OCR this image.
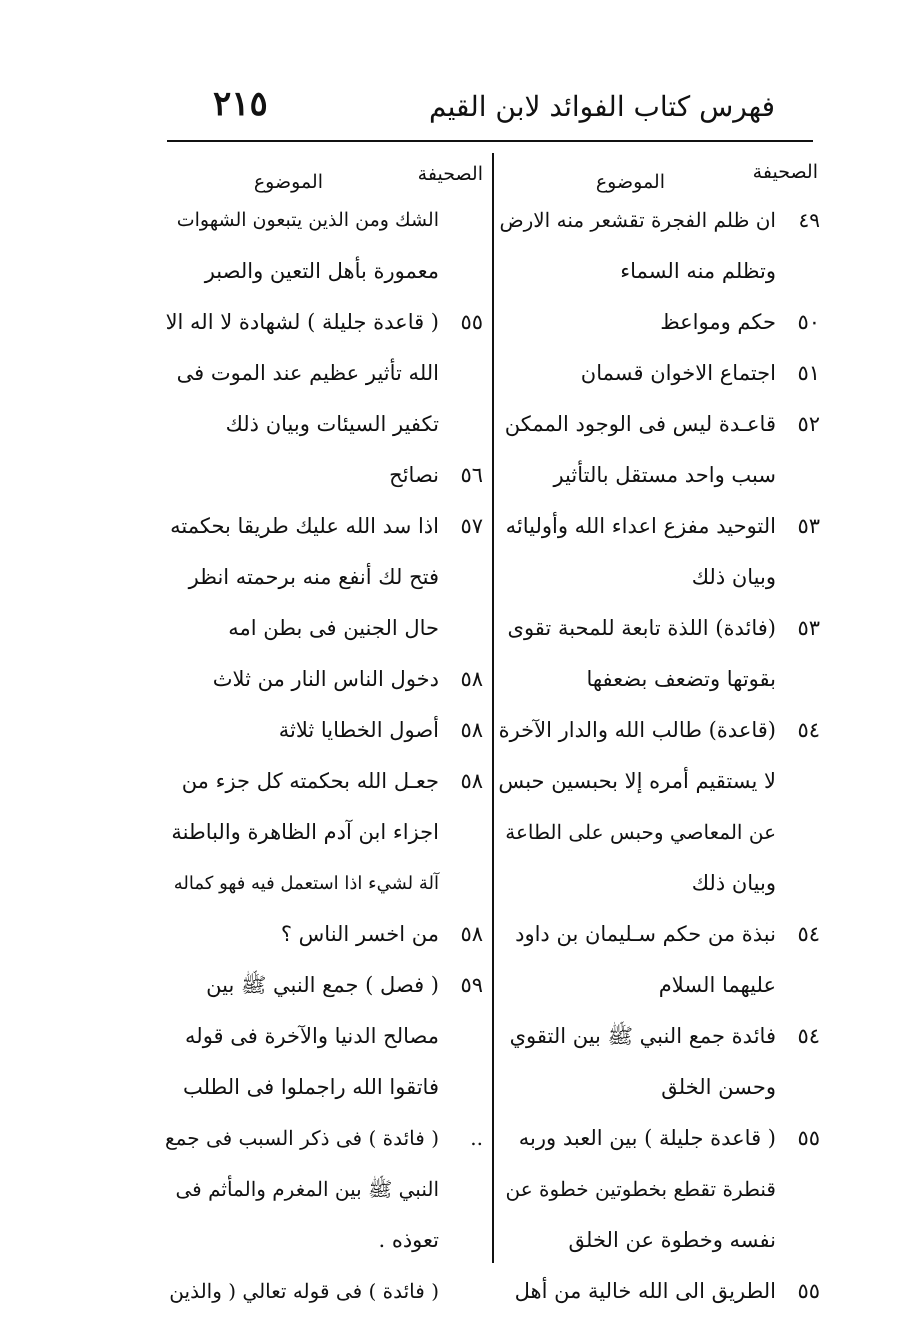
فهرس كتاب الفوائد لابن القيم
٢١٥
الصحيفة
الموضوع
٤٩ان ظلم الفجرة تقشعر منه الارض
وتظلم منه السماء
٥٠حكم ومواعظ
٥١اجتماع الاخوان قسمان
٥٢قاعـدة ليس فى الوجود الممكن
سبب واحد مستقل بالتأثير
٥٣التوحيد مفزع اعداء الله وأوليائه
وبيان ذلك
٥٣(فائدة) اللذة تابعة للمحبة تقوى
بقوتها وتضعف بضعفها
٥٤(قاعدة) طالب الله والدار الآخرة
لا يستقيم أمره إلا بحبسين حبس
عن المعاصي وحبس على الطاعة
وبيان ذلك
٥٤نبذة من حكم سـليمان بن داود
عليهما السلام
٥٤فائدة جمع النبي ﷺ بين التقوي
وحسن الخلق
٥٥( قاعدة جليلة ) بين العبد وربه
قنطرة تقطع بخطوتين خطوة عن
نفسه وخطوة عن الخلق
٥٥الطريق الى الله خالية من أهل
الصحيفة
الموضوع
الشك ومن الذين يتبعون الشهوات
معمورة بأهل التعين والصبر
٥٥( قاعدة جليلة ) لشهادة لا اله الا
الله تأثير عظيم عند الموت فى
تكفير السيئات وبيان ذلك
٥٦نصائح
٥٧اذا سد الله عليك طريقا بحكمته
فتح لك أنفع منه برحمته انظر
حال الجنين فى بطن امه
٥٨دخول الناس النار من ثلاث
٥٨أصول الخطايا ثلاثة
٥٨جعـل الله بحكمته كل جزء من
اجزاء ابن آدم الظاهرة والباطنة
آلة لشيء اذا استعمل فيه فهو كماله
٥٨من اخسر الناس ؟
٥٩( فصل ) جمع النبي ﷺ بين
مصالح الدنيا والآخرة فى قوله
فاتقوا الله راجملوا فى الطلب
..( فائدة ) فى ذكر السبب فى جمع
النبي ﷺ بين المغرم والمأثم فى
تعوذه .
( فائدة ) فى قوله تعالي ( والذين
